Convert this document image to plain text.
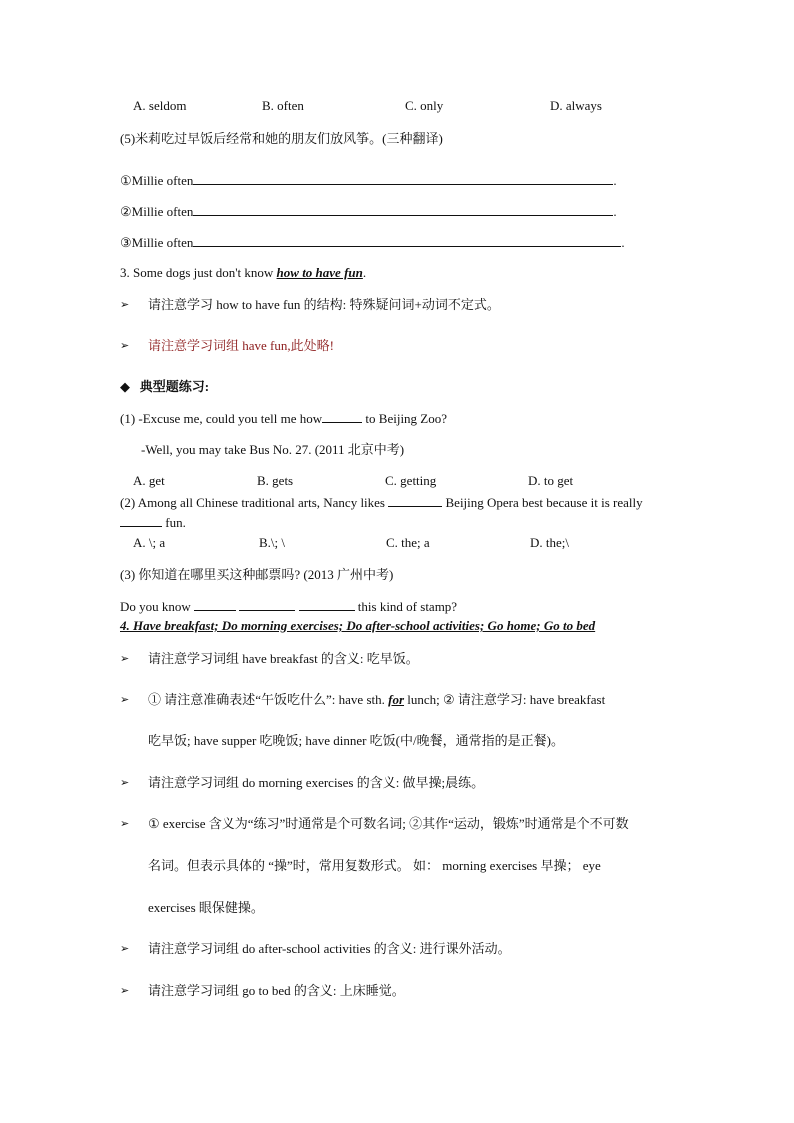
A. seldom	B. often	C. only	D. always
(5)米莉吃过早饭后经常和她的朋友们放风筝。(三种翻译)
①Millie often	.
②Millie often	.
③Millie often	.
3. Some dogs just don't know how to have fun.
➢ 请注意学习 how to have fun 的结构: 特殊疑问词+动词不定式。
➢ 请注意学习词组 have fun,此处略!
◆ 典型题练习:
(1) -Excuse me, could you tell me how	to Beijing Zoo?
-Well, you may take Bus No. 27. (2011 北京中考)
A. get	B. gets	C. getting	D. to get
(2) Among all Chinese traditional arts, Nancy likes	Beijing Opera best because it is really
fun.
A. \; a	B.\; \	C. the; a	D. the;\
(3) 你知道在哪里买这种邮票吗? (2013 广州中考)
Do you know	this kind of stamp?
4. Have breakfast; Do morning exercises; Do after-school activities; Go home; Go to bed
➢ 请注意学习词组 have breakfast 的含义: 吃早饭。
➢ ① 请注意准确表述“午饭吃什么”: have sth. for lunch; ② 请注意学习: have breakfast
吃早饭; have supper 吃晚饭; have dinner 吃饭(中/晚餐，通常指的是正餐)。
➢ 请注意学习词组 do morning exercises 的含义: 做早操;晨练。
➢ ① exercise 含义为“练习”时通常是个可数名词; ②其作“运动，锻炼”时通常是个不可数
名词。但表示具体的 “操”时，常用复数形式。 如： morning exercises 早操； eye
exercises 眼保健操。
➢ 请注意学习词组 do after-school activities 的含义: 进行课外活动。
➢ 请注意学习词组 go to bed 的含义: 上床睡觉。
